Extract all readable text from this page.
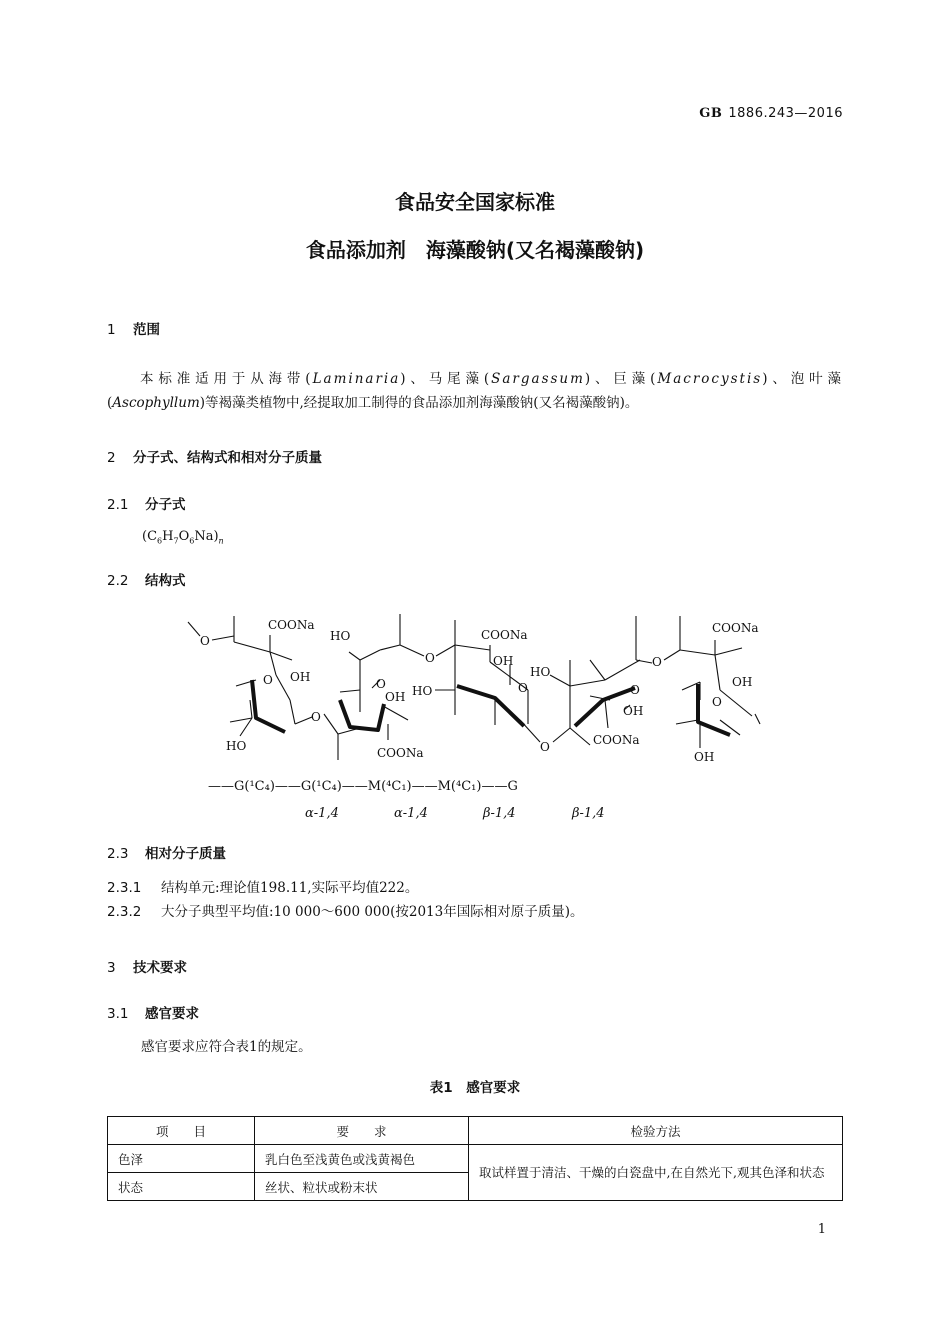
GB 1886.243—2016
食品安全国家标准
食品添加剂　海藻酸钠(又名褐藻酸钠)
1 范围
本标准适用于从海带(Laminaria)、马尾藻(Sargassum)、巨藻(Macrocystis)、泡叶藻
(Ascophyllum)等褐藻类植物中,经提取加工制得的食品添加剂海藻酸钠(又名褐藻酸钠)。
2 分子式、结构式和相对分子质量
2.1 分子式
$(C_6H_7O_6Na)_n$
2.2 结构式
COONa
COONa	COONa
COONa
COONa
HO
HO
HO
HO
OH
OH
OH
OH
OH
OH
O
O
O
O
O
O
O
O
O
O
——G(¹C₄)——G(¹C₄)——M(⁴C₁)——M(⁴C₁)——G
α-1,4	α-1,4	β-1,4	β-1,4
2.3 相对分子质量
2.3.1 结构单元:理论值198.11,实际平均值222。
2.3.2 大分子典型平均值:10 000～600 000(按2013年国际相对原子质量)。
3 技术要求
3.1 感官要求
感官要求应符合表1的规定。
表1　感官要求
项　　目	要　　求	检验方法
色泽	乳白色至浅黄色或浅黄褐色	取试样置于清洁、干燥的白瓷盘中,在自然光下,观其色泽和状态
状态	丝状、粒状或粉末状	
1
